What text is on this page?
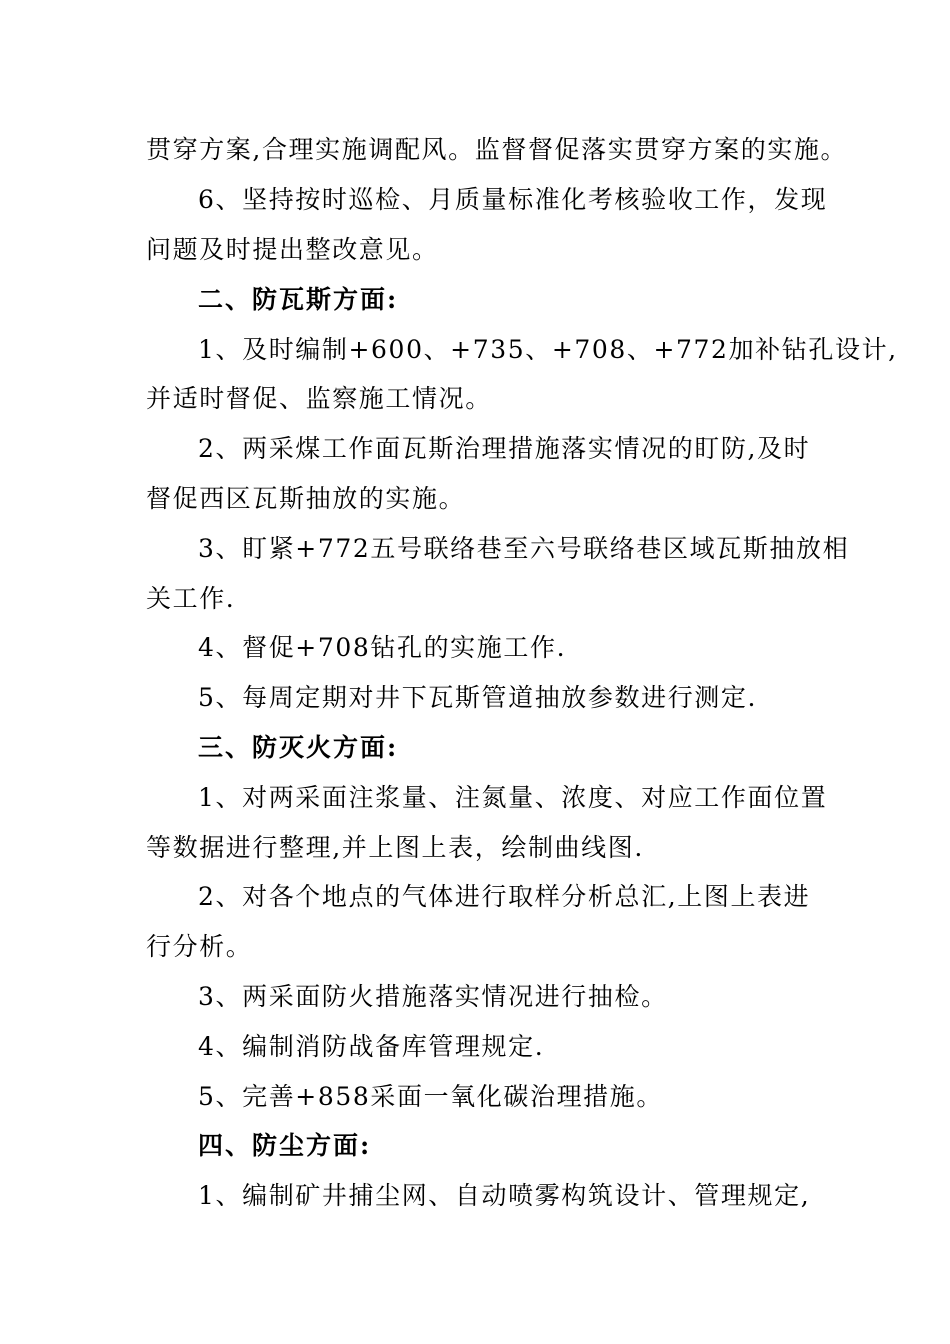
贯穿方案,合理实施调配风。监督督促落实贯穿方案的实施。
6、坚持按时巡检、月质量标准化考核验收工作，发现
问题及时提出整改意见。
二、防瓦斯方面:
1、及时编制+600、+735、+708、+772加补钻孔设计,
并适时督促、监察施工情况。
2、两采煤工作面瓦斯治理措施落实情况的盯防,及时
督促西区瓦斯抽放的实施。
3、盯紧+772五号联络巷至六号联络巷区域瓦斯抽放相
关工作.
4、督促+708钻孔的实施工作.
5、每周定期对井下瓦斯管道抽放参数进行测定.
三、防灭火方面:
1、对两采面注浆量、注氮量、浓度、对应工作面位置
等数据进行整理,并上图上表，绘制曲线图.
2、对各个地点的气体进行取样分析总汇,上图上表进
行分析。
3、两采面防火措施落实情况进行抽检。
4、编制消防战备库管理规定.
5、完善+858采面一氧化碳治理措施。
四、防尘方面:
1、编制矿井捕尘网、自动喷雾构筑设计、管理规定,
